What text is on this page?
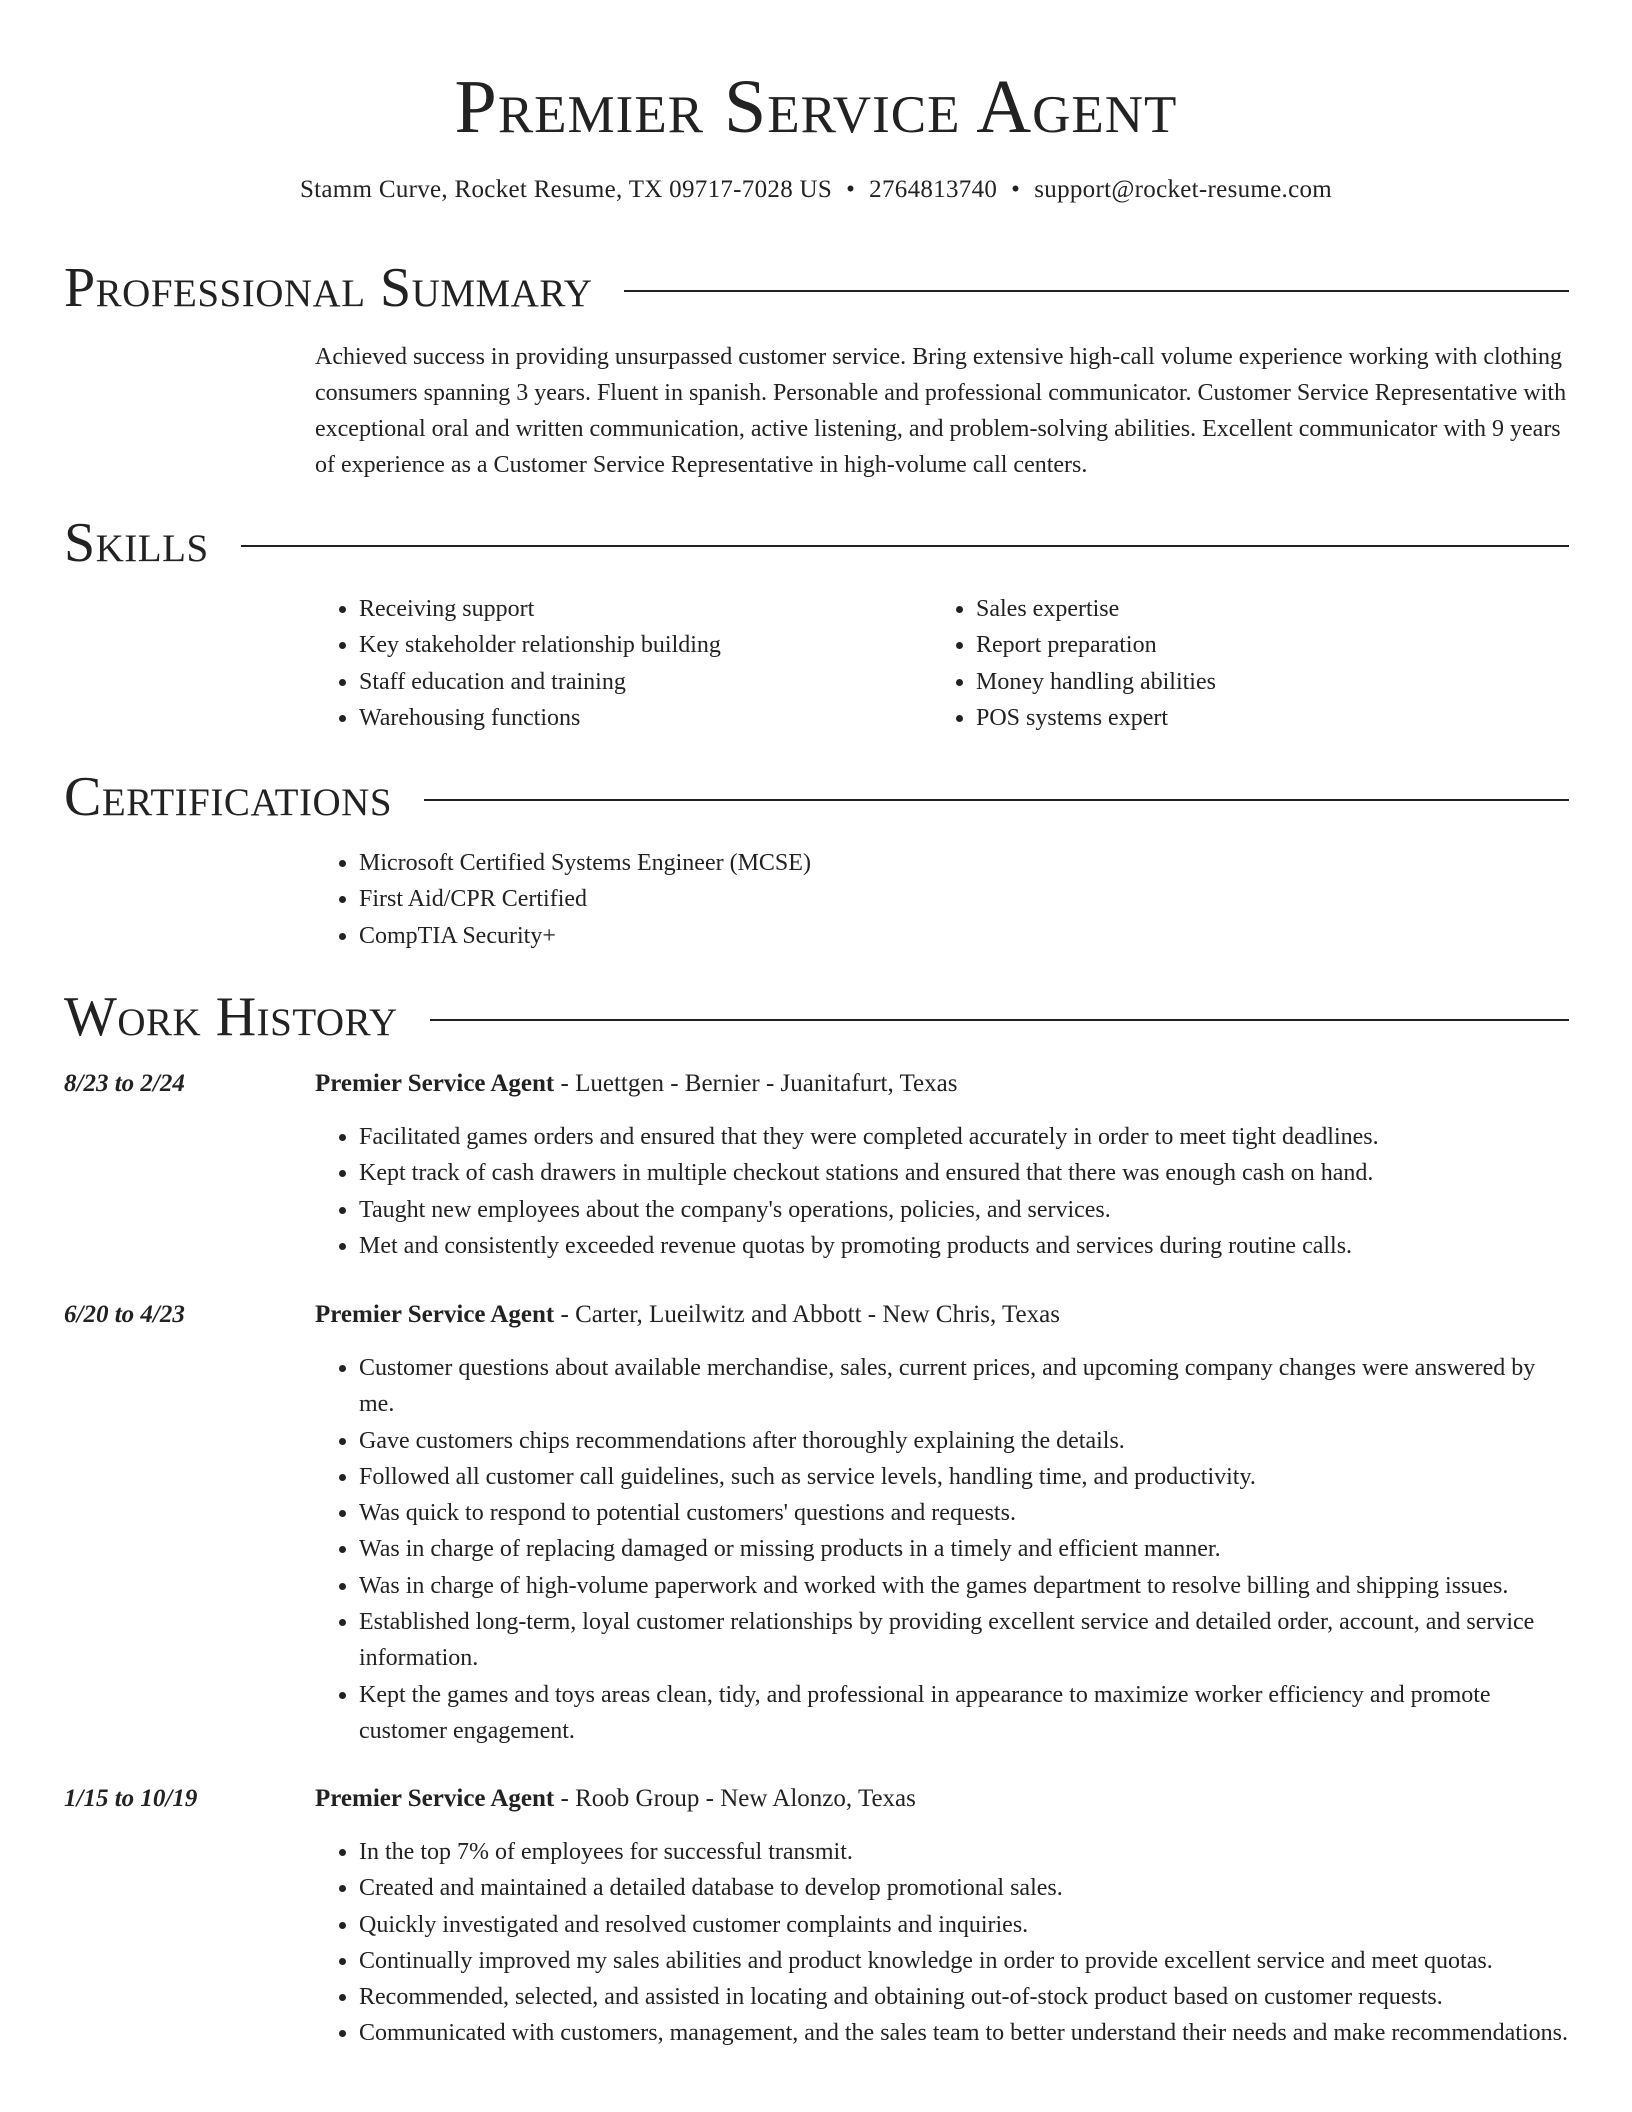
Premier Service Agent
Stamm Curve, Rocket Resume, TX 09717-7028 US • 2764813740 • support@rocket-resume.com
Professional Summary

Achieved success in providing unsurpassed customer service. Bring extensive high-call volume experience working with clothing consumers spanning 3 years. Fluent in spanish. Personable and professional communicator. Customer Service Representative with exceptional oral and written communication, active listening, and problem-solving abilities. Excellent communicator with 9 years of experience as a Customer Service Representative in high-volume call centers.

Skills
• Receiving support
• Key stakeholder relationship building
• Staff education and training
• Warehousing functions
• Sales expertise
• Report preparation
• Money handling abilities
• POS systems expert
Certifications
• Microsoft Certified Systems Engineer (MCSE)
• First Aid/CPR Certified
• CompTIA Security+
Work History
8/23 to 2/24	Premier Service Agent - Luettgen - Bernier - Juanitafurt, Texas
• Facilitated games orders and ensured that they were completed accurately in order to meet tight deadlines.
• Kept track of cash drawers in multiple checkout stations and ensured that there was enough cash on hand.
• Taught new employees about the company's operations, policies, and services.
• Met and consistently exceeded revenue quotas by promoting products and services during routine calls.
6/20 to 4/23	Premier Service Agent - Carter, Lueilwitz and Abbott - New Chris, Texas
• Customer questions about available merchandise, sales, current prices, and upcoming company changes were answered by me.
• Gave customers chips recommendations after thoroughly explaining the details.
• Followed all customer call guidelines, such as service levels, handling time, and productivity.
• Was quick to respond to potential customers' questions and requests.
• Was in charge of replacing damaged or missing products in a timely and efficient manner.
• Was in charge of high-volume paperwork and worked with the games department to resolve billing and shipping issues.
• Established long-term, loyal customer relationships by providing excellent service and detailed order, account, and service information.
• Kept the games and toys areas clean, tidy, and professional in appearance to maximize worker efficiency and promote customer engagement.
1/15 to 10/19	Premier Service Agent - Roob Group - New Alonzo, Texas
• In the top 7% of employees for successful transmit.
• Created and maintained a detailed database to develop promotional sales.
• Quickly investigated and resolved customer complaints and inquiries.
• Continually improved my sales abilities and product knowledge in order to provide excellent service and meet quotas.
• Recommended, selected, and assisted in locating and obtaining out-of-stock product based on customer requests.
• Communicated with customers, management, and the sales team to better understand their needs and make recommendations.
